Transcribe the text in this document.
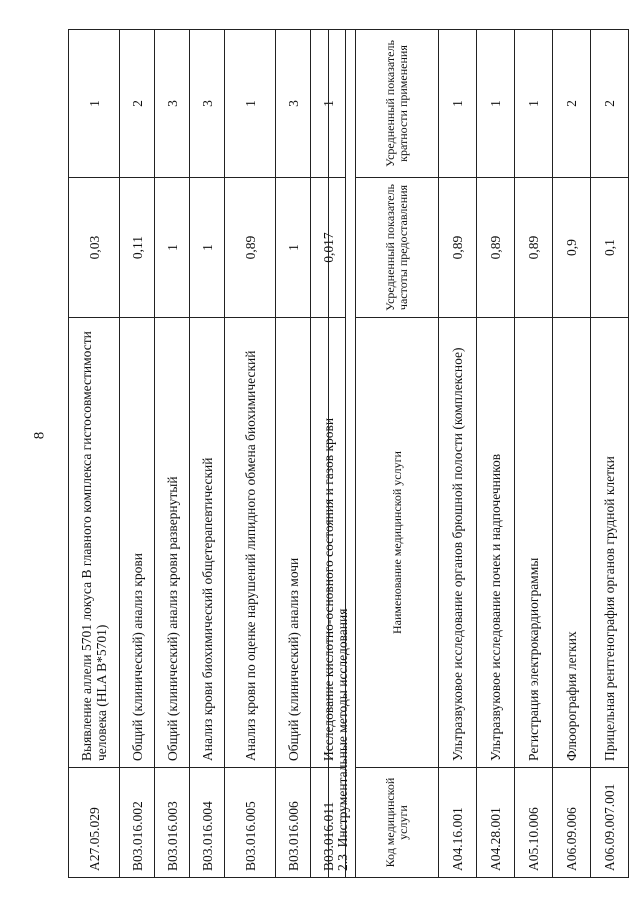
8
A27.05.029	Выявление аллели 5701 локуса B главного комплекса гистосовместимости человека (HLA B*5701)	0,03	1
B03.016.002	Общий (клинический) анализ крови	0,11	2
B03.016.003	Общий (клинический) анализ крови развернутый	1	3
B03.016.004	Анализ крови биохимический общетерапевтический	1	3
B03.016.005	Анализ крови по оценке нарушений липидного обмена биохимический	0,89	1
B03.016.006	Общий (клинический) анализ мочи	1	3
B03.016.011	Исследование кислотно-основного состояния и газов крови	0,017	1
2.3  Инструментальные методы исследования			
Код медицинской услуги	Наименование медицинской услуги	Усредненный показатель частоты предоставления	Усредненный показатель кратности применения
A04.16.001	Ультразвуковое исследование органов брюшной полости (комплексное)	0,89	1
A04.28.001	Ультразвуковое исследование почек и надпочечников	0,89	1
A05.10.006	Регистрация электрокардиограммы	0,89	1
A06.09.006	Флюорография легких	0,9	2
A06.09.007.001	Прицельная рентгенография органов грудной клетки	0,1	2
